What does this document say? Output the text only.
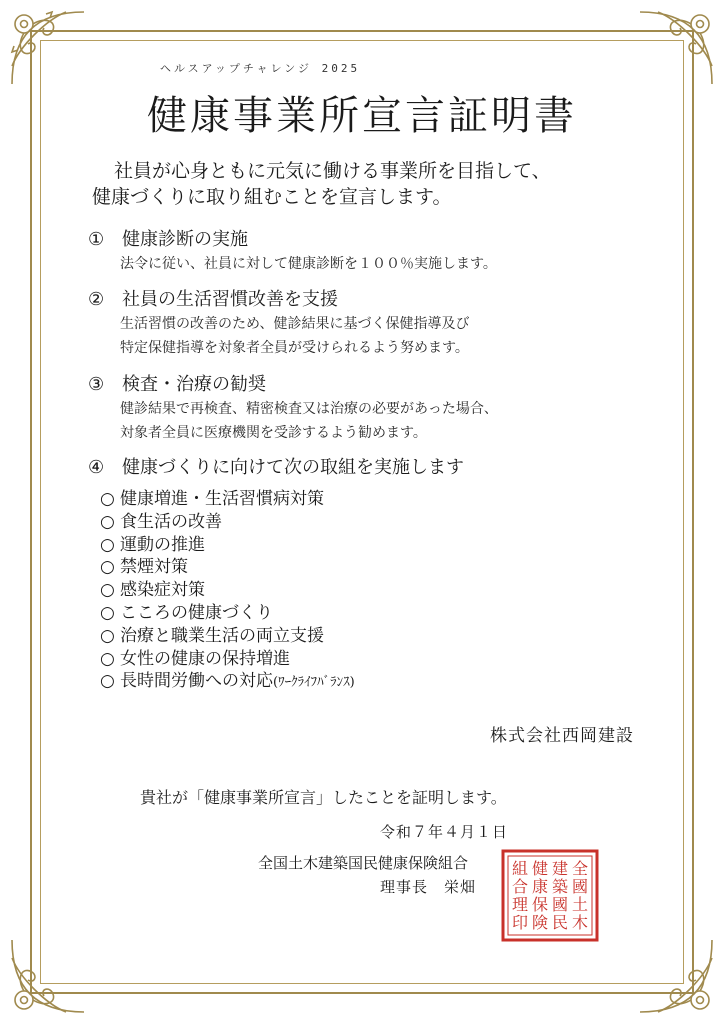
ヘルスアップチャレンジ 2025
健康事業所宣言証明書
社員が心身ともに元気に働ける事業所を目指して、
健康づくりに取り組むことを宣言します。
① 健康診断の実施
法令に従い、社員に対して健康診断を１００％実施します。
② 社員の生活習慣改善を支援
生活習慣の改善のため、健診結果に基づく保健指導及び
特定保健指導を対象者全員が受けられるよう努めます。
③ 検査・治療の勧奨
健診結果で再検査、精密検査又は治療の必要があった場合、
対象者全員に医療機関を受診するよう勧めます。
④ 健康づくりに向けて次の取組を実施します
○ 健康増進・生活習慣病対策
○ 食生活の改善
○ 運動の推進
○ 禁煙対策
○ 感染症対策
○ こころの健康づくり
○ 治療と職業生活の両立支援
○ 女性の健康の保持増進
○ 長時間労働への対応 (ﾜｰｸﾗｲﾌﾊﾞﾗﾝｽ)
株式会社西岡建設
貴社が「健康事業所宣言」したことを証明します。
令和７年４月１日
全国土木建築国民健康保険組合
理事長　栄畑
全
國
土
木
建
築
國
民
健
康
保
険
組
合
理
印
